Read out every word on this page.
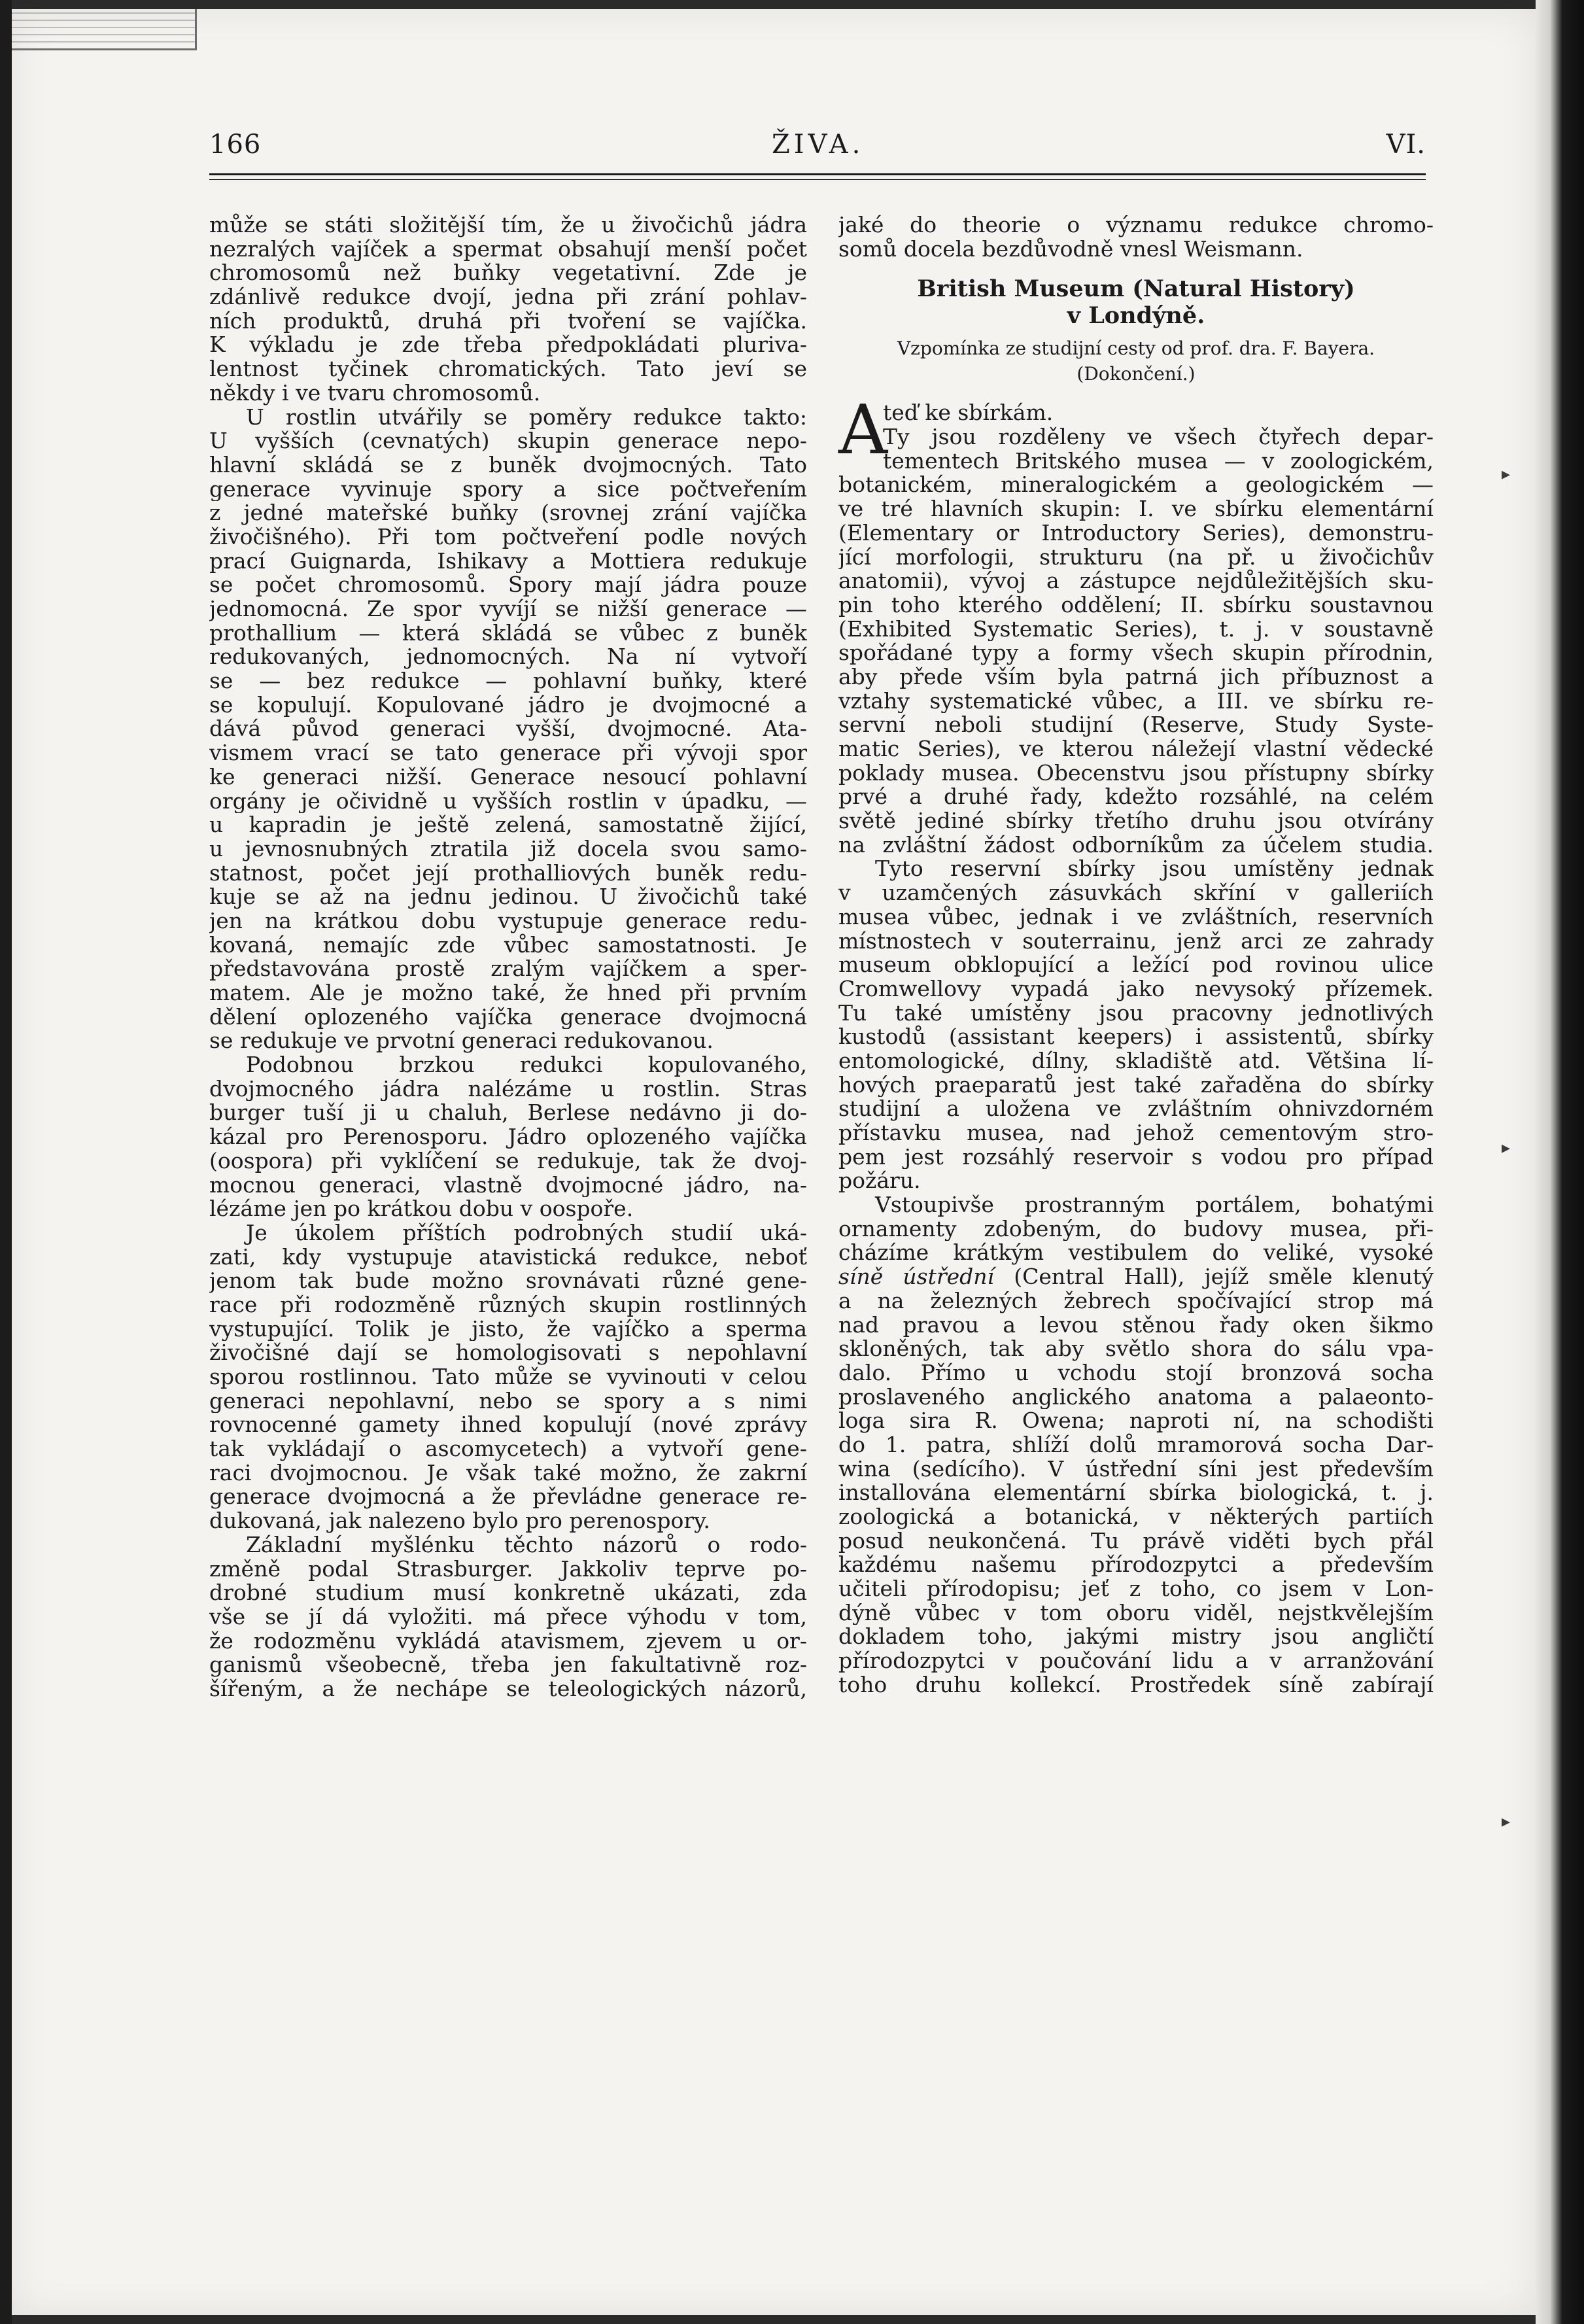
166	ŽIVA.	VI.
může se státi složitější tím, že u živočichů jádra
nezralých vajíček a spermat obsahují menší počet
chromosomů než buňky vegetativní. Zde je
zdánlivě redukce dvojí, jedna při zrání pohlav-
ních produktů, druhá při tvoření se vajíčka.
K výkladu je zde třeba předpokládati pluriva-
lentnost tyčinek chromatických. Tato jeví se
někdy i ve tvaru chromosomů.
U rostlin utvářily se poměry redukce takto:
U vyšších (cevnatých) skupin generace nepo-
hlavní skládá se z buněk dvojmocných. Tato
generace vyvinuje spory a sice počtveřením
z jedné mateřské buňky (srovnej zrání vajíčka
živočišného). Při tom počtveření podle nových
prací Guignarda, Ishikavy a Mottiera redukuje
se počet chromosomů. Spory mají jádra pouze
jednomocná. Ze spor vyvíjí se nižší generace —
prothallium — která skládá se vůbec z buněk
redukovaných, jednomocných. Na ní vytvoří
se — bez redukce — pohlavní buňky, které
se kopulují. Kopulované jádro je dvojmocné a
dává původ generaci vyšší, dvojmocné. Ata-
vismem vrací se tato generace při vývoji spor
ke generaci nižší. Generace nesoucí pohlavní
orgány je očividně u vyšších rostlin v úpadku, —
u kapradin je ještě zelená, samostatně žijící,
u jevnosnubných ztratila již docela svou samo-
statnost, počet její prothalliových buněk redu-
kuje se až na jednu jedinou. U živočichů také
jen na krátkou dobu vystupuje generace redu-
kovaná, nemajíc zde vůbec samostatnosti. Je
představována prostě zralým vajíčkem a sper-
matem. Ale je možno také, že hned při prvním
dělení oplozeného vajíčka generace dvojmocná
se redukuje ve prvotní generaci redukovanou.
Podobnou brzkou redukci kopulovaného,
dvojmocného jádra nalézáme u rostlin. Stras
burger tuší ji u chaluh, Berlese nedávno ji do-
kázal pro Perenosporu. Jádro oplozeného vajíčka
(oospora) při vyklíčení se redukuje, tak že dvoj-
mocnou generaci, vlastně dvojmocné jádro, na-
lézáme jen po krátkou dobu v oospoře.
Je úkolem příštích podrobných studií uká-
zati, kdy vystupuje atavistická redukce, neboť
jenom tak bude možno srovnávati různé gene-
race při rodozměně různých skupin rostlinných
vystupující. Tolik je jisto, že vajíčko a sperma
živočišné dají se homologisovati s nepohlavní
sporou rostlinnou. Tato může se vyvinouti v celou
generaci nepohlavní, nebo se spory a s nimi
rovnocenné gamety ihned kopulují (nové zprávy
tak vykládají o ascomycetech) a vytvoří gene-
raci dvojmocnou. Je však také možno, že zakrní
generace dvojmocná a že převládne generace re-
dukovaná, jak nalezeno bylo pro perenospory.
Základní myšlénku těchto názorů o rodo-
změně podal Strasburger. Jakkoliv teprve po-
drobné studium musí konkretně ukázati, zda
vše se jí dá vyložiti. má přece výhodu v tom,
že rodozměnu vykládá atavismem, zjevem u or-
ganismů všeobecně, třeba jen fakultativně roz-
šířeným, a že nechápe se teleologických názorů,
jaké do theorie o významu redukce chromo-
somů docela bezdůvodně vnesl Weismann.
British Museum (Natural History)
v Londýně.
Vzpomínka ze studijní cesty od prof. dra. F. Bayera.
(Dokončení.)
A
teď ke sbírkám.
Ty jsou rozděleny ve všech čtyřech depar-
tementech Britského musea — v zoologickém,
botanickém, mineralogickém a geologickém —
ve tré hlavních skupin: I. ve sbírku elementární
(Elementary or Introductory Series), demonstru-
jící morfologii, strukturu (na př. u živočichův
anatomii), vývoj a zástupce nejdůležitějších sku-
pin toho kterého oddělení; II. sbírku soustavnou
(Exhibited Systematic Series), t. j. v soustavně
spořádané typy a formy všech skupin přírodnin,
aby přede vším byla patrná jich příbuznost a
vztahy systematické vůbec, a III. ve sbírku re-
servní neboli studijní (Reserve, Study Syste-
matic Series), ve kterou náležejí vlastní vědecké
poklady musea. Obecenstvu jsou přístupny sbírky
prvé a druhé řady, kdežto rozsáhlé, na celém
světě jediné sbírky třetího druhu jsou otvírány
na zvláštní žádost odborníkům za účelem studia.
Tyto reservní sbírky jsou umístěny jednak
v uzamčených zásuvkách skříní v galleriích
musea vůbec, jednak i ve zvláštních, reservních
místnostech v souterrainu, jenž arci ze zahrady
museum obklopující a ležící pod rovinou ulice
Cromwellovy vypadá jako nevysoký přízemek.
Tu také umístěny jsou pracovny jednotlivých
kustodů (assistant keepers) i assistentů, sbírky
entomologické, dílny, skladiště atd. Většina lí-
hových praeparatů jest také zařaděna do sbírky
studijní a uložena ve zvláštním ohnivzdorném
přístavku musea, nad jehož cementovým stro-
pem jest rozsáhlý reservoir s vodou pro případ
požáru.
Vstoupivše prostranným portálem, bohatými
ornamenty zdobeným, do budovy musea, při-
cházíme krátkým vestibulem do veliké, vysoké
síně ústřední (Central Hall), jejíž směle klenutý
a na železných žebrech spočívající strop má
nad pravou a levou stěnou řady oken šikmo
skloněných, tak aby světlo shora do sálu vpa-
dalo. Přímo u vchodu stojí bronzová socha
proslaveného anglického anatoma a palaeonto-
loga sira R. Owena; naproti ní, na schodišti
do 1. patra, shlíží dolů mramorová socha Dar-
wina (sedícího). V ústřední síni jest především
installována elementární sbírka biologická, t. j.
zoologická a botanická, v některých partiích
posud neukončená. Tu právě viděti bych přál
každému našemu přírodozpytci a především
učiteli přírodopisu; jeť z toho, co jsem v Lon-
dýně vůbec v tom oboru viděl, nejstkvělejším
dokladem toho, jakými mistry jsou angličtí
přírodozpytci v poučování lidu a v arranžování
toho druhu kollekcí. Prostředek síně zabírají
▸
▸
▸
